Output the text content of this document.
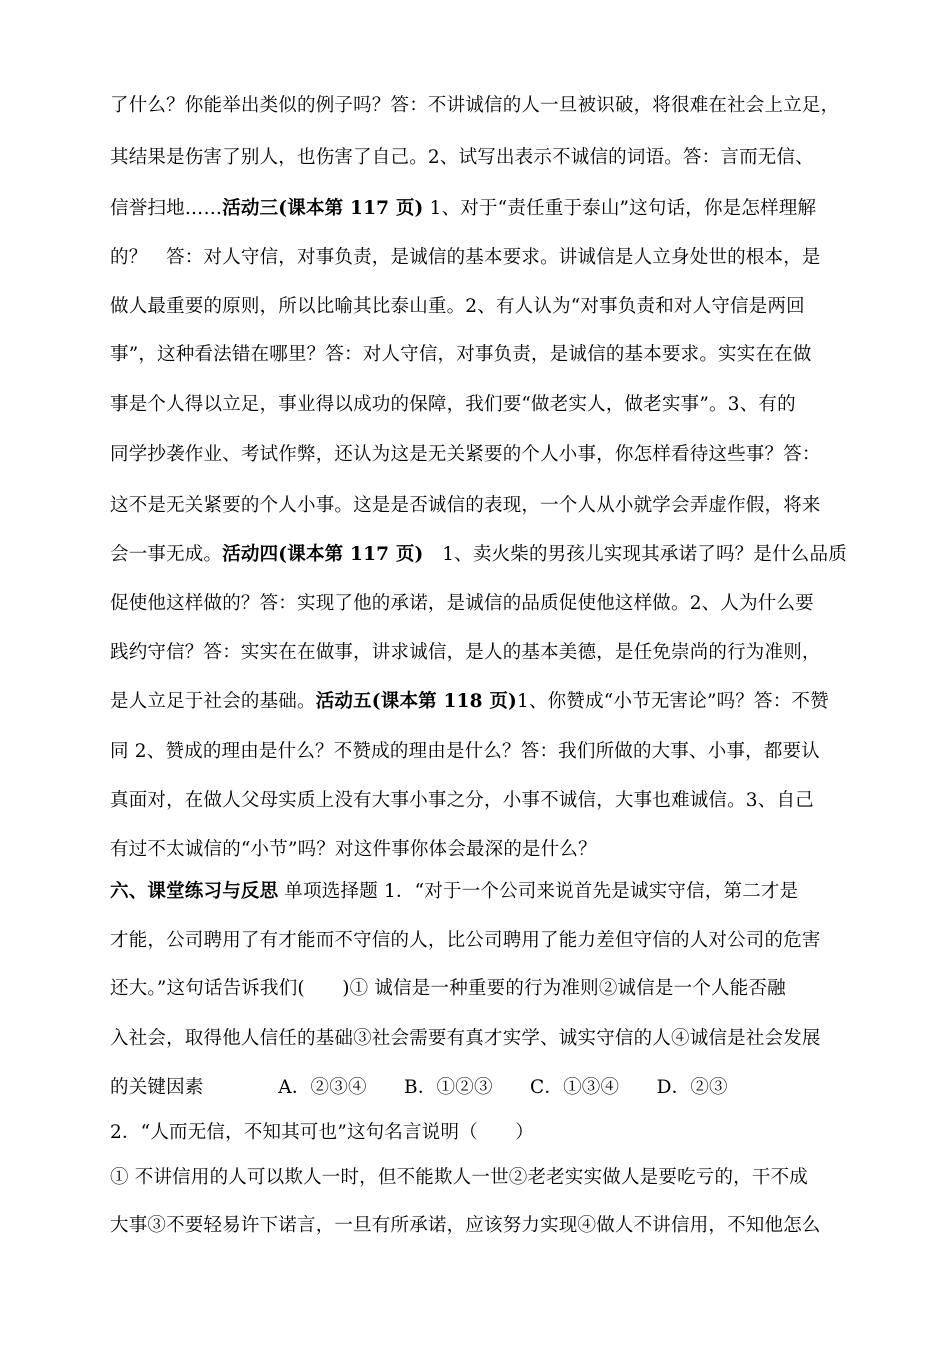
了什么？你能举出类似的例子吗？答：不讲诚信的人一旦被识破，将很难在社会上立足，
其结果是伤害了别人，也伤害了自己。2、试写出表示不诚信的词语。答：言而无信、
信誉扫地……活动三(课本第 117 页) 1、对于“责任重于泰山”这句话，你是怎样理解
的？　答：对人守信，对事负责，是诚信的基本要求。讲诚信是人立身处世的根本，是
做人最重要的原则，所以比喻其比泰山重。2、有人认为“对事负责和对人守信是两回
事”，这种看法错在哪里？答：对人守信，对事负责，是诚信的基本要求。实实在在做
事是个人得以立足，事业得以成功的保障，我们要“做老实人，做老实事”。3、有的
同学抄袭作业、考试作弊，还认为这是无关紧要的个人小事，你怎样看待这些事？答：
这不是无关紧要的个人小事。这是是否诚信的表现，一个人从小就学会弄虚作假，将来
会一事无成。活动四(课本第 117 页)　1、卖火柴的男孩儿实现其承诺了吗？是什么品质
促使他这样做的？答：实现了他的承诺，是诚信的品质促使他这样做。2、人为什么要
践约守信？答：实实在在做事，讲求诚信，是人的基本美德，是任免崇尚的行为准则，
是人立足于社会的基础。活动五(课本第 118 页)1、你赞成“小节无害论”吗？答：不赞
同 2、赞成的理由是什么？不赞成的理由是什么？答：我们所做的大事、小事，都要认
真面对，在做人父母实质上没有大事小事之分，小事不诚信，大事也难诚信。3、自己
有过不太诚信的“小节”吗？对这件事你体会最深的是什么？
六、课堂练习与反思 单项选择题 1．“对于一个公司来说首先是诚实守信，第二才是
才能，公司聘用了有才能而不守信的人，比公司聘用了能力差但守信的人对公司的危害
还大。”这句话告诉我们(　　)① 诚信是一种重要的行为准则②诚信是一个人能否融
入社会，取得他人信任的基础③社会需要有真才实学、诚实守信的人④诚信是社会发展
的关键因素　　　　A．②③④　　B．①②③　　C．①③④　　D．②③
2．“人而无信，不知其可也”这句名言说明（　　）
① 不讲信用的人可以欺人一时，但不能欺人一世②老老实实做人是要吃亏的，干不成
大事③不要轻易许下诺言，一旦有所承诺，应该努力实现④做人不讲信用，不知他怎么
